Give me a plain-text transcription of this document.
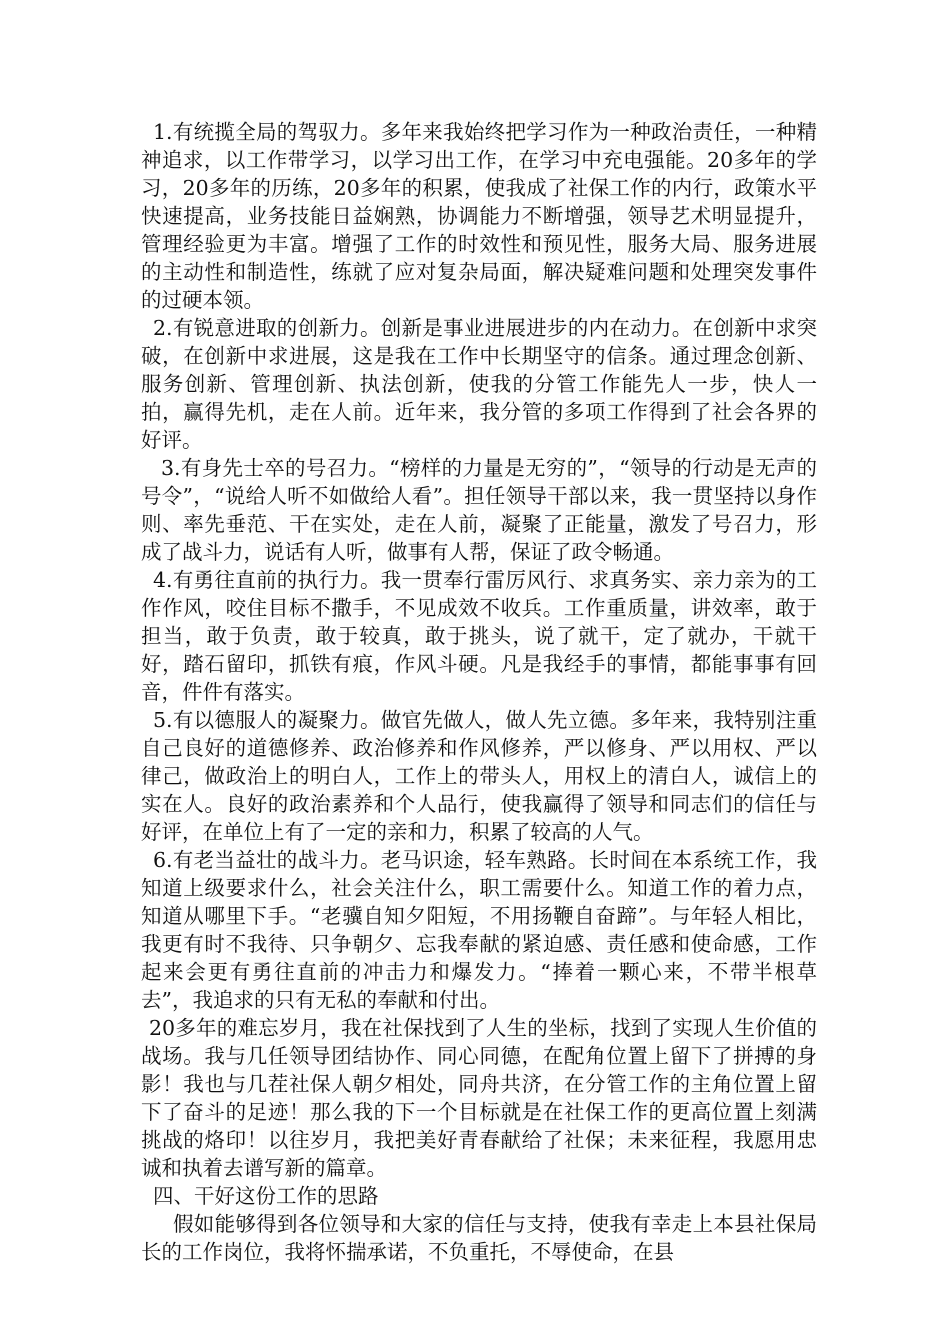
1.有统揽全局的驾驭力。多年来我始终把学习作为一种政治责任，一种精神追求，以工作带学习，以学习出工作，在学习中充电强能。20多年的学习，20多年的历练，20多年的积累，使我成了社保工作的内行，政策水平快速提高，业务技能日益娴熟，协调能力不断增强，领导艺术明显提升，管理经验更为丰富。增强了工作的时效性和预见性，服务大局、服务进展的主动性和制造性，练就了应对复杂局面，解决疑难问题和处理突发事件的过硬本领。

2.有锐意进取的创新力。创新是事业进展进步的内在动力。在创新中求突破，在创新中求进展，这是我在工作中长期坚守的信条。通过理念创新、服务创新、管理创新、执法创新，使我的分管工作能先人一步，快人一拍，赢得先机，走在人前。近年来，我分管的多项工作得到了社会各界的好评。

3.有身先士卒的号召力。“榜样的力量是无穷的”，“领导的行动是无声的号令”，“说给人听不如做给人看”。担任领导干部以来，我一贯坚持以身作则、率先垂范、干在实处，走在人前，凝聚了正能量，激发了号召力，形成了战斗力，说话有人听，做事有人帮，保证了政令畅通。

4.有勇往直前的执行力。我一贯奉行雷厉风行、求真务实、亲力亲为的工作作风，咬住目标不撒手，不见成效不收兵。工作重质量，讲效率，敢于担当，敢于负责，敢于较真，敢于挑头，说了就干，定了就办，干就干好，踏石留印，抓铁有痕，作风斗硬。凡是我经手的事情，都能事事有回音，件件有落实。

5.有以德服人的凝聚力。做官先做人，做人先立德。多年来，我特别注重自己良好的道德修养、政治修养和作风修养，严以修身、严以用权、严以律己，做政治上的明白人，工作上的带头人，用权上的清白人，诚信上的实在人。良好的政治素养和个人品行，使我赢得了领导和同志们的信任与好评，在单位上有了一定的亲和力，积累了较高的人气。

6.有老当益壮的战斗力。老马识途，轻车熟路。长时间在本系统工作，我知道上级要求什么，社会关注什么，职工需要什么。知道工作的着力点，知道从哪里下手。“老骥自知夕阳短，不用扬鞭自奋蹄”。与年轻人相比，我更有时不我待、只争朝夕、忘我奉献的紧迫感、责任感和使命感，工作起来会更有勇往直前的冲击力和爆发力。“捧着一颗心来，不带半根草去”，我追求的只有无私的奉献和付出。

20多年的难忘岁月，我在社保找到了人生的坐标，找到了实现人生价值的战场。我与几任领导团结协作、同心同德，在配角位置上留下了拼搏的身影！我也与几茬社保人朝夕相处，同舟共济，在分管工作的主角位置上留下了奋斗的足迹！那么我的下一个目标就是在社保工作的更高位置上刻满挑战的烙印！以往岁月，我把美好青春献给了社保；未来征程，我愿用忠诚和执着去谱写新的篇章。

四、干好这份工作的思路

假如能够得到各位领导和大家的信任与支持，使我有幸走上本县社保局长的工作岗位，我将怀揣承诺，不负重托，不辱使命，在县
